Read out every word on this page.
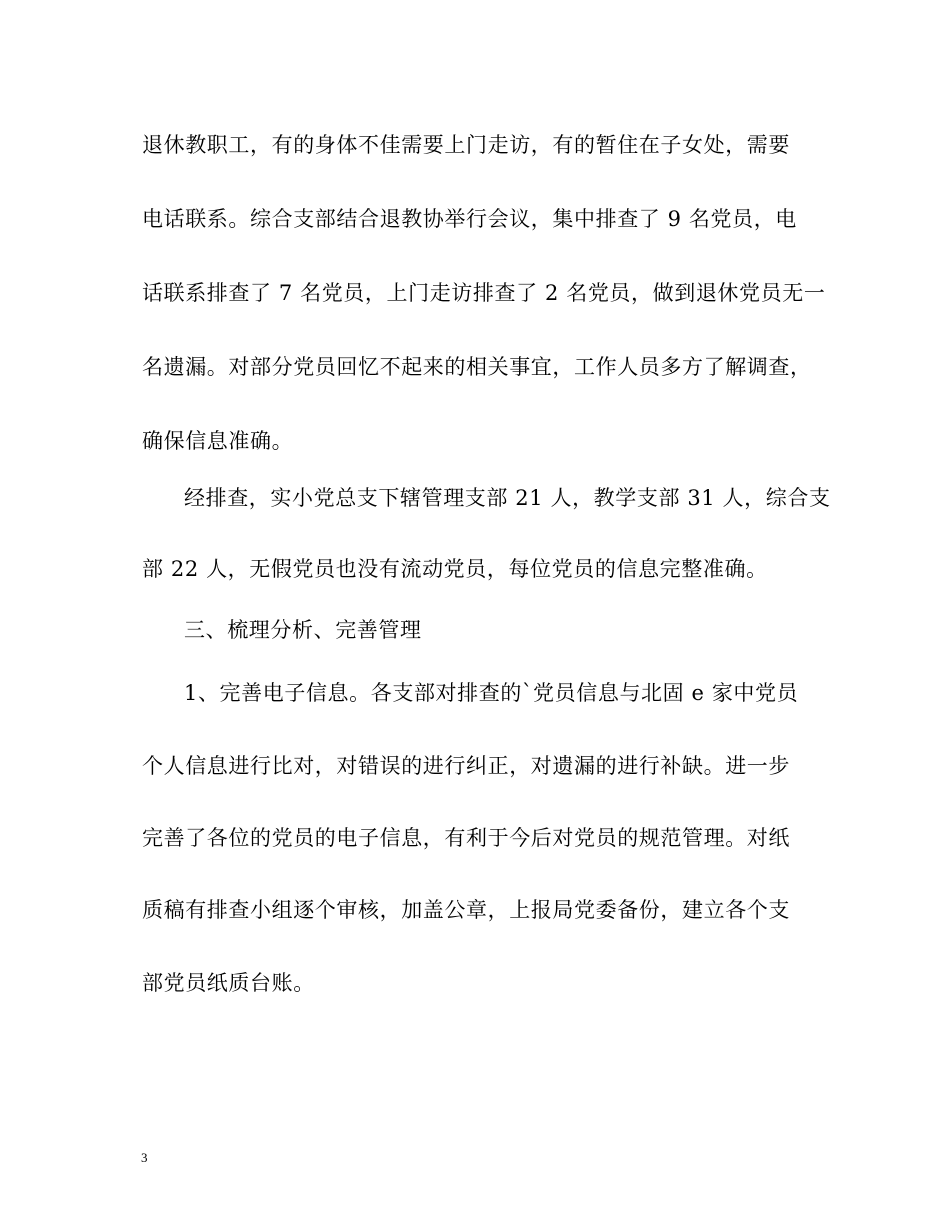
退休教职工，有的身体不佳需要上门走访，有的暂住在子女处，需要
电话联系。综合支部结合退教协举行会议，集中排查了 9 名党员，电
话联系排查了 7 名党员，上门走访排查了 2 名党员，做到退休党员无一
名遗漏。对部分党员回忆不起来的相关事宜，工作人员多方了解调查，
确保信息准确。
经排查，实小党总支下辖管理支部 21 人，教学支部 31 人，综合支
部 22 人，无假党员也没有流动党员，每位党员的信息完整准确。
三、梳理分析、完善管理
1、完善电子信息。各支部对排查的`党员信息与北固 e 家中党员
个人信息进行比对，对错误的进行纠正，对遗漏的进行补缺。进一步
完善了各位的党员的电子信息，有利于今后对党员的规范管理。对纸
质稿有排查小组逐个审核，加盖公章，上报局党委备份，建立各个支
部党员纸质台账。
3
